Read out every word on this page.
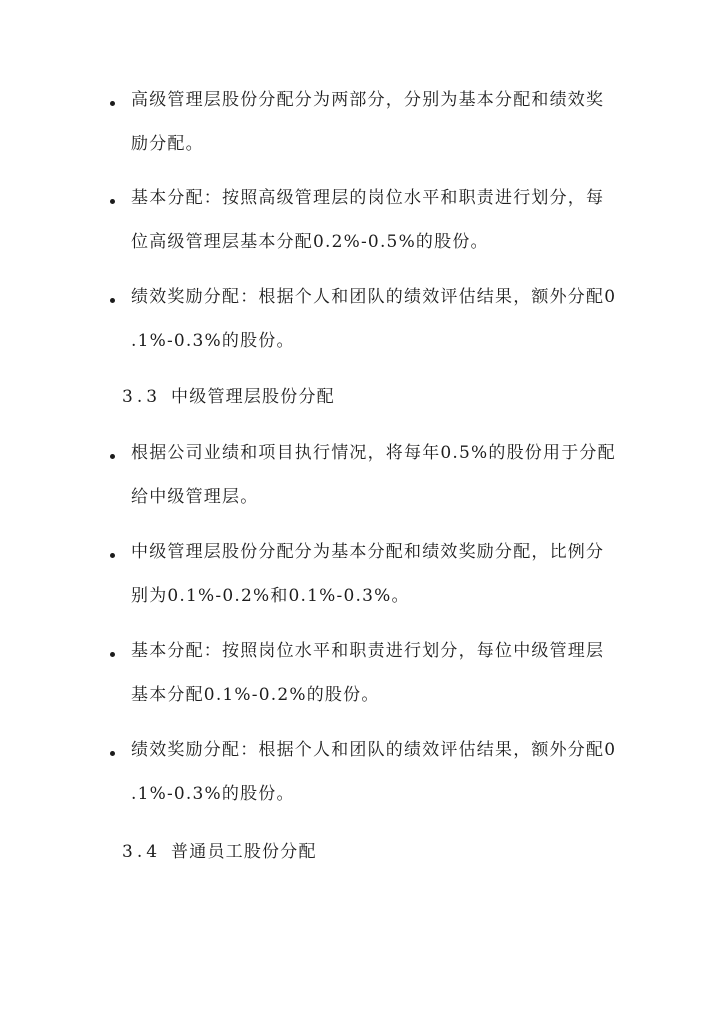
高级管理层股份分配分为两部分，分别为基本分配和绩效奖
励分配。
基本分配：按照高级管理层的岗位水平和职责进行划分，每
位高级管理层基本分配0.2%-0.5%的股份。
绩效奖励分配：根据个人和团队的绩效评估结果，额外分配0
.1%-0.3%的股份。
3.3 中级管理层股份分配
根据公司业绩和项目执行情况，将每年0.5%的股份用于分配
给中级管理层。
中级管理层股份分配分为基本分配和绩效奖励分配，比例分
别为0.1%-0.2%和0.1%-0.3%。
基本分配：按照岗位水平和职责进行划分，每位中级管理层
基本分配0.1%-0.2%的股份。
绩效奖励分配：根据个人和团队的绩效评估结果，额外分配0
.1%-0.3%的股份。
3.4 普通员工股份分配
